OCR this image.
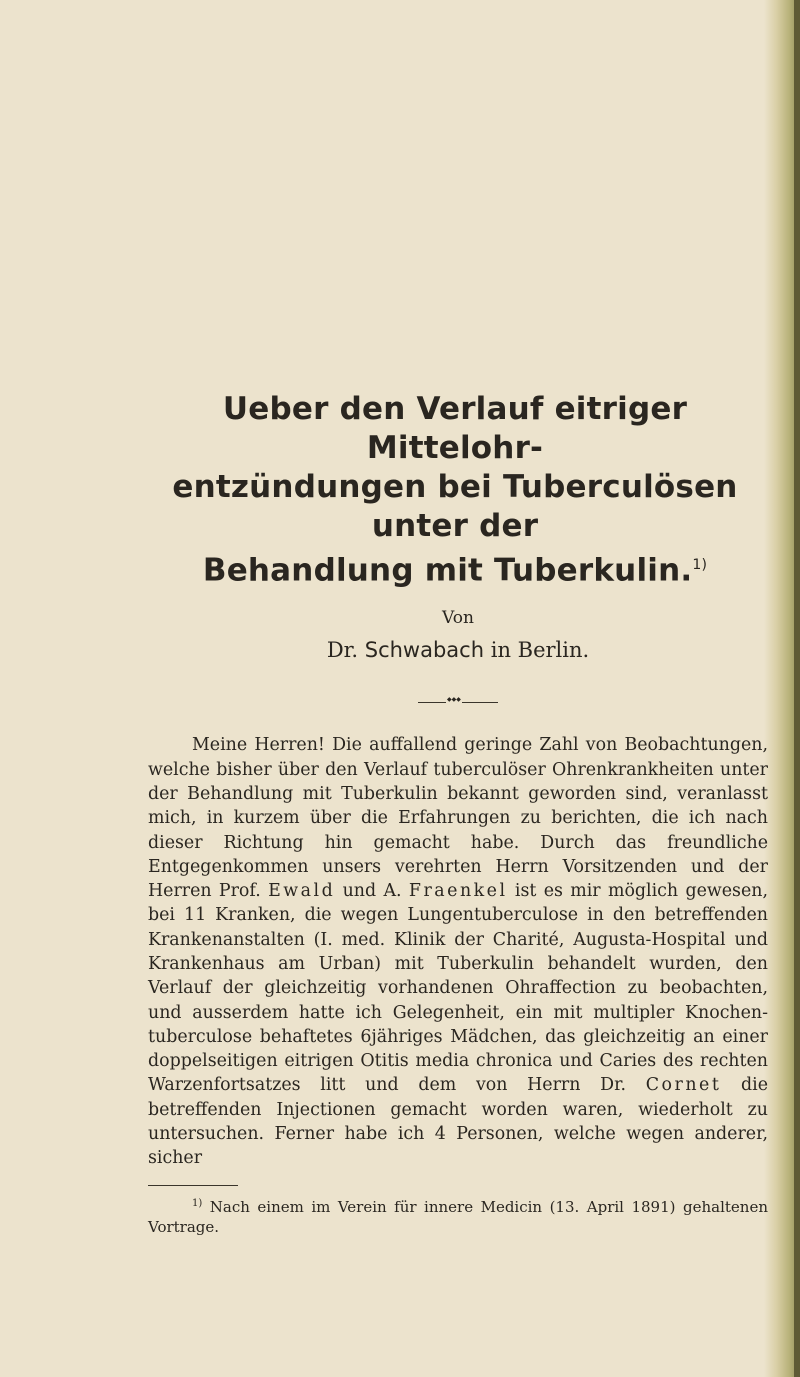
Ueber den Verlauf eitriger Mittelohr-
entzündungen bei Tuberculösen unter der
Behandlung mit Tuberkulin.$^{1)}$
Von
Dr. Schwabach in Berlin.
◆◆◆

Meine Herren! Die auffallend geringe Zahl von Beobachtungen, welche bisher über den Verlauf tuberculöser Ohrenkrankheiten unter der Behandlung mit Tuberkulin bekannt geworden sind, veranlasst mich, in kurzem über die Erfahrungen zu berichten, die ich nach dieser Richtung hin gemacht habe. Durch das freundliche Entgegenkommen unsers verehrten Herrn Vorsitzenden und der Herren Prof. Ewald und A. Fraenkel ist es mir möglich gewesen, bei 11 Kranken, die wegen Lungentuberculose in den betreffenden Krankenanstalten (I. med. Klinik der Charité, Augusta-Hospital und Krankenhaus am Urban) mit Tuberkulin behandelt wurden, den Verlauf der gleichzeitig vorhandenen Ohraffection zu beobachten, und ausserdem hatte ich Gelegenheit, ein mit multipler Knochen-tuberculose behaftetes 6jähriges Mädchen, das gleichzeitig an einer doppelseitigen eitrigen Otitis media chronica und Caries des rechten Warzenfortsatzes litt und dem von Herrn Dr. Cornet die betreffenden Injectionen gemacht worden waren, wiederholt zu untersuchen. Ferner habe ich 4 Personen, welche wegen anderer, sicher

$^{1)}$ Nach einem im Verein für innere Medicin (13. April 1891) gehaltenen Vortrage.
